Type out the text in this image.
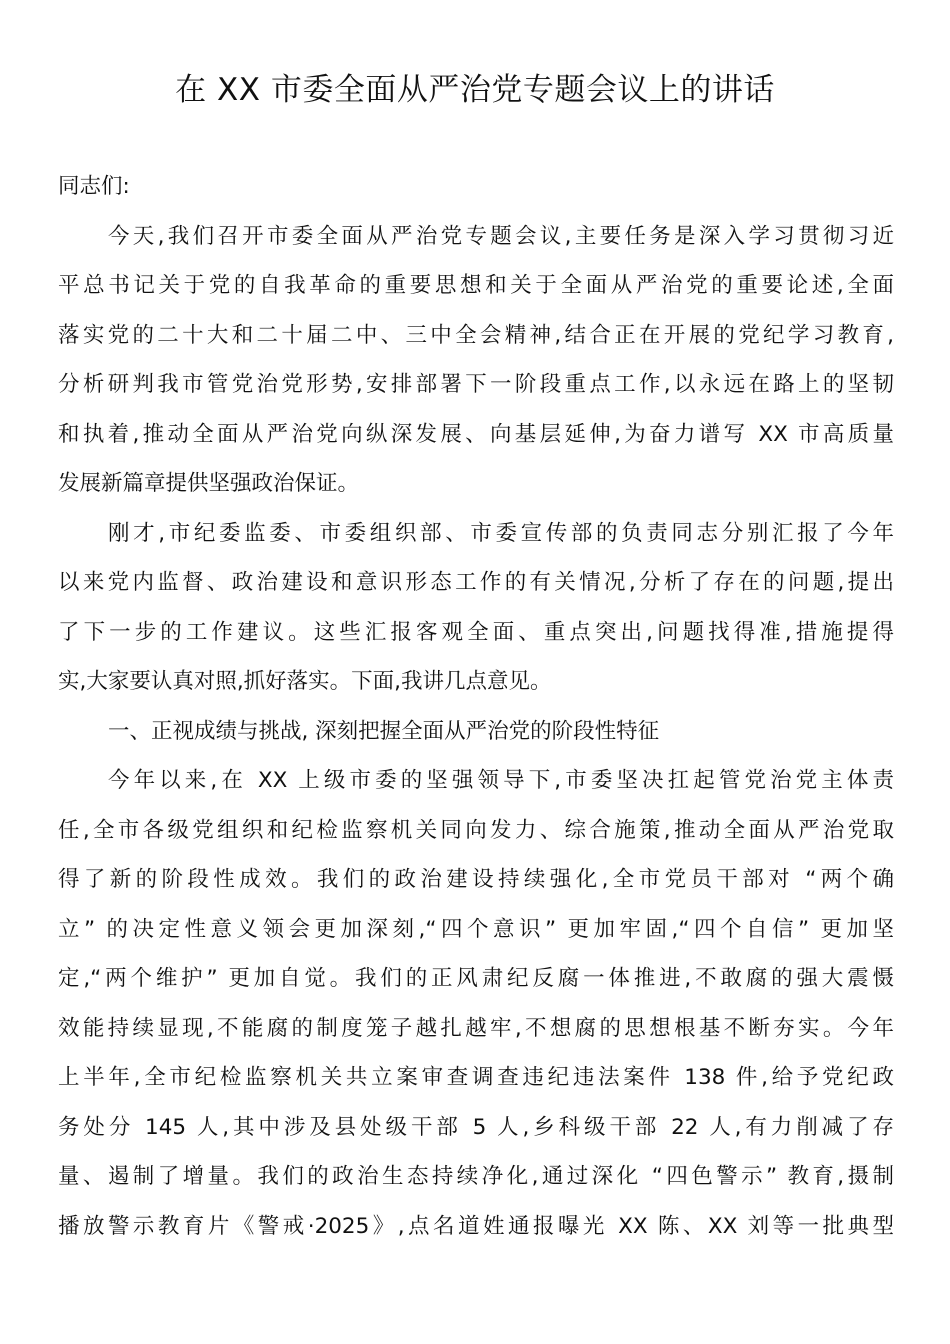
在 XX 市委全面从严治党专题会议上的讲话
同志们:
今天,我们召开市委全面从严治党专题会议,主要任务是深入学习贯彻习近
平总书记关于党的自我革命的重要思想和关于全面从严治党的重要论述,全面
落实党的二十大和二十届二中、三中全会精神,结合正在开展的党纪学习教育,
分析研判我市管党治党形势,安排部署下一阶段重点工作,以永远在路上的坚韧
和执着,推动全面从严治党向纵深发展、向基层延伸,为奋力谱写 XX 市高质量
发展新篇章提供坚强政治保证。
刚才,市纪委监委、市委组织部、市委宣传部的负责同志分别汇报了今年
以来党内监督、政治建设和意识形态工作的有关情况,分析了存在的问题,提出
了下一步的工作建议。这些汇报客观全面、重点突出,问题找得准,措施提得
实,大家要认真对照,抓好落实。下面,我讲几点意见。
一、正视成绩与挑战, 深刻把握全面从严治党的阶段性特征
今年以来,在 XX 上级市委的坚强领导下,市委坚决扛起管党治党主体责
任,全市各级党组织和纪检监察机关同向发力、综合施策,推动全面从严治党取
得了新的阶段性成效。我们的政治建设持续强化,全市党员干部对 “两个确
立” 的决定性意义领会更加深刻,“四个意识” 更加牢固,“四个自信” 更加坚
定,“两个维护” 更加自觉。我们的正风肃纪反腐一体推进,不敢腐的强大震慑
效能持续显现,不能腐的制度笼子越扎越牢,不想腐的思想根基不断夯实。今年
上半年,全市纪检监察机关共立案审查调查违纪违法案件 138 件,给予党纪政
务处分 145 人,其中涉及县处级干部 5 人,乡科级干部 22 人,有力削减了存
量、遏制了增量。我们的政治生态持续净化,通过深化 “四色警示” 教育,摄制
播放警示教育片《警戒·2025》,点名道姓通报曝光 XX 陈、XX 刘等一批典型
